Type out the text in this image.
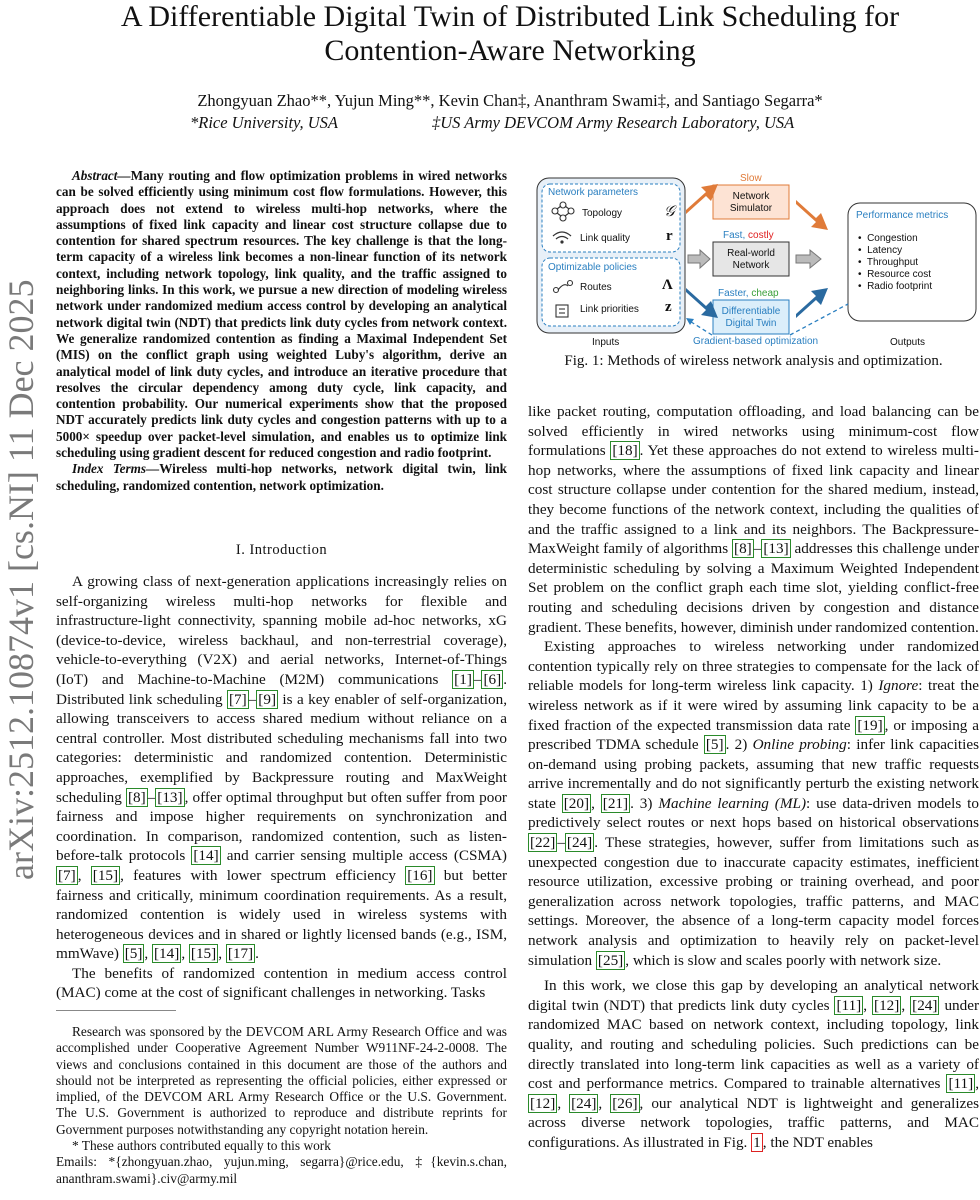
arXiv:2512.10874v1 [cs.NI] 11 Dec 2025
A Differentiable Digital Twin of Distributed Link Scheduling for Contention-Aware Networking
Zhongyuan Zhao**, Yujun Ming**, Kevin Chan‡, Ananthram Swami‡, and Santiago Segarra*
*Rice University, USA	‡US Army DEVCOM Army Research Laboratory, USA

Abstract—Many routing and flow optimization problems in wired networks can be solved efficiently using minimum cost flow formulations. However, this approach does not extend to wireless multi-hop networks, where the assumptions of fixed link capacity and linear cost structure collapse due to contention for shared spectrum resources. The key challenge is that the long-term capacity of a wireless link becomes a non-linear function of its network context, including network topology, link quality, and the traffic assigned to neighboring links. In this work, we pursue a new direction of modeling wireless network under randomized medium access control by developing an analytical network digital twin (NDT) that predicts link duty cycles from network context. We generalize randomized contention as finding a Maximal Independent Set (MIS) on the conflict graph using weighted Luby's algorithm, derive an analytical model of link duty cycles, and introduce an iterative procedure that resolves the circular dependency among duty cycle, link capacity, and contention probability. Our numerical experiments show that the proposed NDT accurately predicts link duty cycles and congestion patterns with up to a 5000× speedup over packet-level simulation, and enables us to optimize link scheduling using gradient descent for reduced congestion and radio footprint.

Index Terms—Wireless multi-hop networks, network digital twin, link scheduling, randomized contention, network optimization.

I. Introduction

A growing class of next-generation applications increasingly relies on self-organizing wireless multi-hop networks for flexible and infrastructure-light connectivity, spanning mobile ad-hoc networks, xG (device-to-device, wireless backhaul, and non-terrestrial coverage), vehicle-to-everything (V2X) and aerial networks, Internet-of-Things (IoT) and Machine-to-Machine (M2M) communications [1] – [6] . Distributed link scheduling [7] – [9] is a key enabler of self-organization, allowing transceivers to access shared medium without reliance on a central controller. Most distributed scheduling mechanisms fall into two categories: deterministic and randomized contention. Deterministic approaches, exemplified by Backpressure routing and MaxWeight scheduling [8] – [13] , offer optimal throughput but often suffer from poor fairness and impose higher requirements on synchronization and coordination. In comparison, randomized contention, such as listen-before-talk protocols [14] and carrier sensing multiple access (CSMA) [7] , [15] , features with lower spectrum efficiency [16] but better fairness and critically, minimum coordination requirements. As a result, randomized contention is widely used in wireless systems with heterogeneous devices and in shared or lightly licensed bands (e.g., ISM, mmWave) [5] , [14] , [15] , [17] .

The benefits of randomized contention in medium access control (MAC) come at the cost of significant challenges in networking. Tasks

Research was sponsored by the DEVCOM ARL Army Research Office and was accomplished under Cooperative Agreement Number W911NF-24-2-0008. The views and conclusions contained in this document are those of the authors and should not be interpreted as representing the official policies, either expressed or implied, of the DEVCOM ARL Army Research Office or the U.S. Government. The U.S. Government is authorized to reproduce and distribute reprints for Government purposes notwithstanding any copyright notation herein.

* These authors contributed equally to this work

Emails: *{zhongyuan.zhao, yujun.ming, segarra}@rice.edu, ‡{kevin.s.chan, ananthram.swami}.civ@army.mil

Network parameters
Topology	𝒢
Link quality r
Optimizable policies
Routes	Λ
Link priorities z
Slow
Network Simulator
Fast, costly
Real-world Network
Faster, cheap
Differentiable Digital Twin
Gradient-based optimization
Performance metrics
•  Congestion
•  Latency
•  Throughput
•  Resource cost
•  Radio footprint
Inputs	Outputs
Fig. 1: Methods of wireless network analysis and optimization.

like packet routing, computation offloading, and load balancing can be solved efficiently in wired networks using minimum-cost flow formulations [18] . Yet these approaches do not extend to wireless multi-hop networks, where the assumptions of fixed link capacity and linear cost structure collapse under contention for the shared medium, instead, they become functions of the network context, including the qualities of and the traffic assigned to a link and its neighbors. The Backpressure-MaxWeight family of algorithms [8] – [13] addresses this challenge under deterministic scheduling by solving a Maximum Weighted Independent Set problem on the conflict graph each time slot, yielding conflict-free routing and scheduling decisions driven by congestion and distance gradient. These benefits, however, diminish under randomized contention.

Existing approaches to wireless networking under randomized contention typically rely on three strategies to compensate for the lack of reliable models for long-term wireless link capacity. 1) Ignore: treat the wireless network as if it were wired by assuming link capacity to be a fixed fraction of the expected transmission data rate [19] , or imposing a prescribed TDMA schedule [5] . 2) Online probing: infer link capacities on-demand using probing packets, assuming that new traffic requests arrive incrementally and do not significantly perturb the existing network state [20] , [21] . 3) Machine learning (ML): use data-driven models to predictively select routes or next hops based on historical observations [22] – [24] . These strategies, however, suffer from limitations such as unexpected congestion due to inaccurate capacity estimates, inefficient resource utilization, excessive probing or training overhead, and poor generalization across network topologies, traffic patterns, and MAC settings. Moreover, the absence of a long-term capacity model forces network analysis and optimization to heavily rely on packet-level simulation [25] , which is slow and scales poorly with network size.

In this work, we close this gap by developing an analytical network digital twin (NDT) that predicts link duty cycles [11] , [12] , [24] under randomized MAC based on network context, including topology, link quality, and routing and scheduling policies. Such predictions can be directly translated into long-term link capacities as well as a variety of cost and performance metrics. Compared to trainable alternatives [11] , [12] , [24] , [26] , our analytical NDT is lightweight and generalizes across diverse network topologies, traffic patterns, and MAC configurations. As illustrated in Fig. 1 , the NDT enables
